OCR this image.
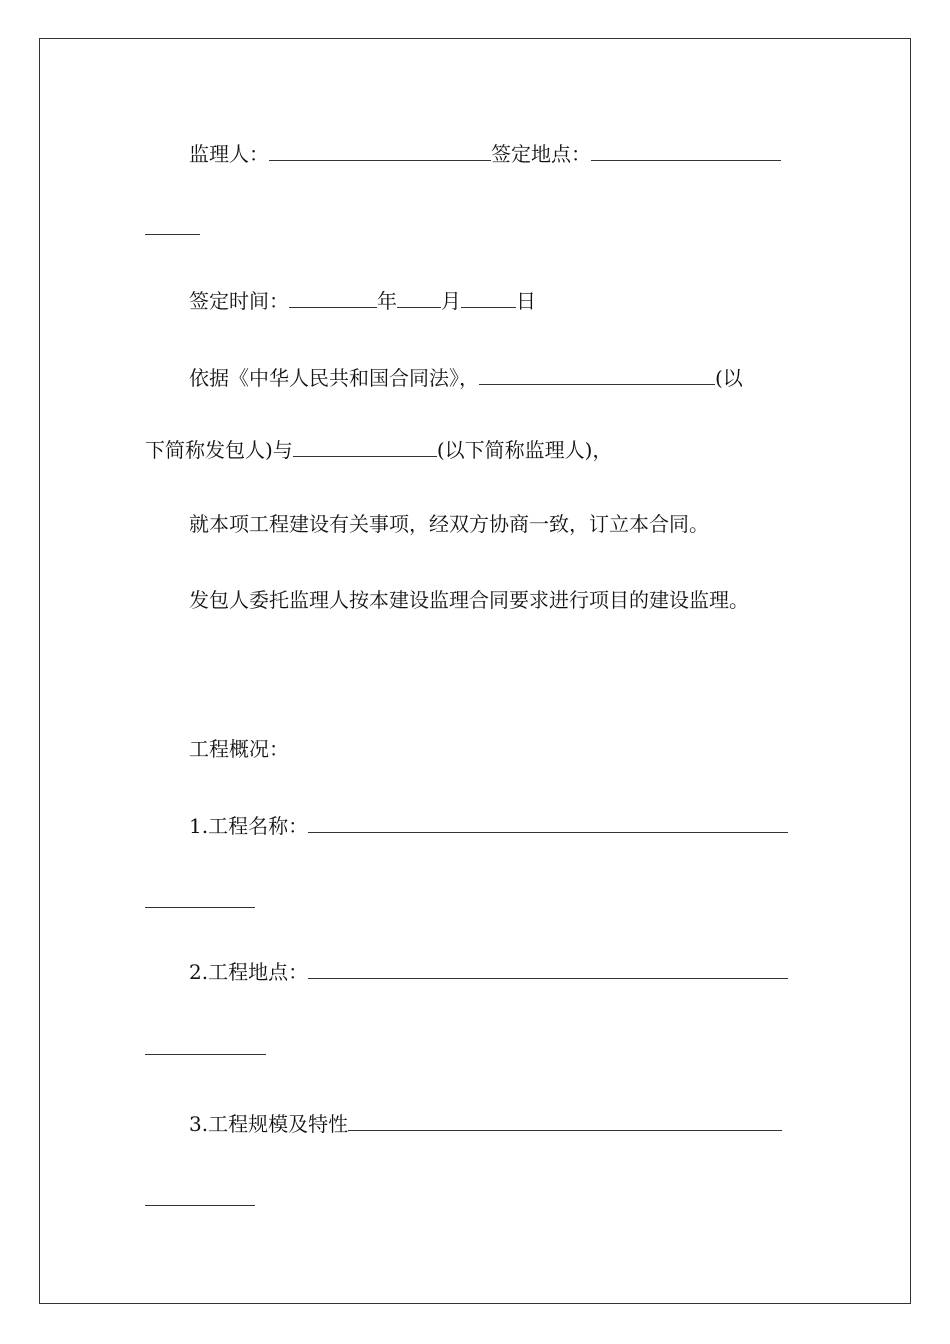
监理人：	签定地点：
签定时间：	年 月	日
依据《中华人民共和国合同法》，	(以
下简称发包人)与	(以下简称监理人)，
就本项工程建设有关事项，经双方协商一致，订立本合同。
发包人委托监理人按本建设监理合同要求进行项目的建设监理。
工程概况：
1.工程名称：
2.工程地点：
3.工程规模及特性
